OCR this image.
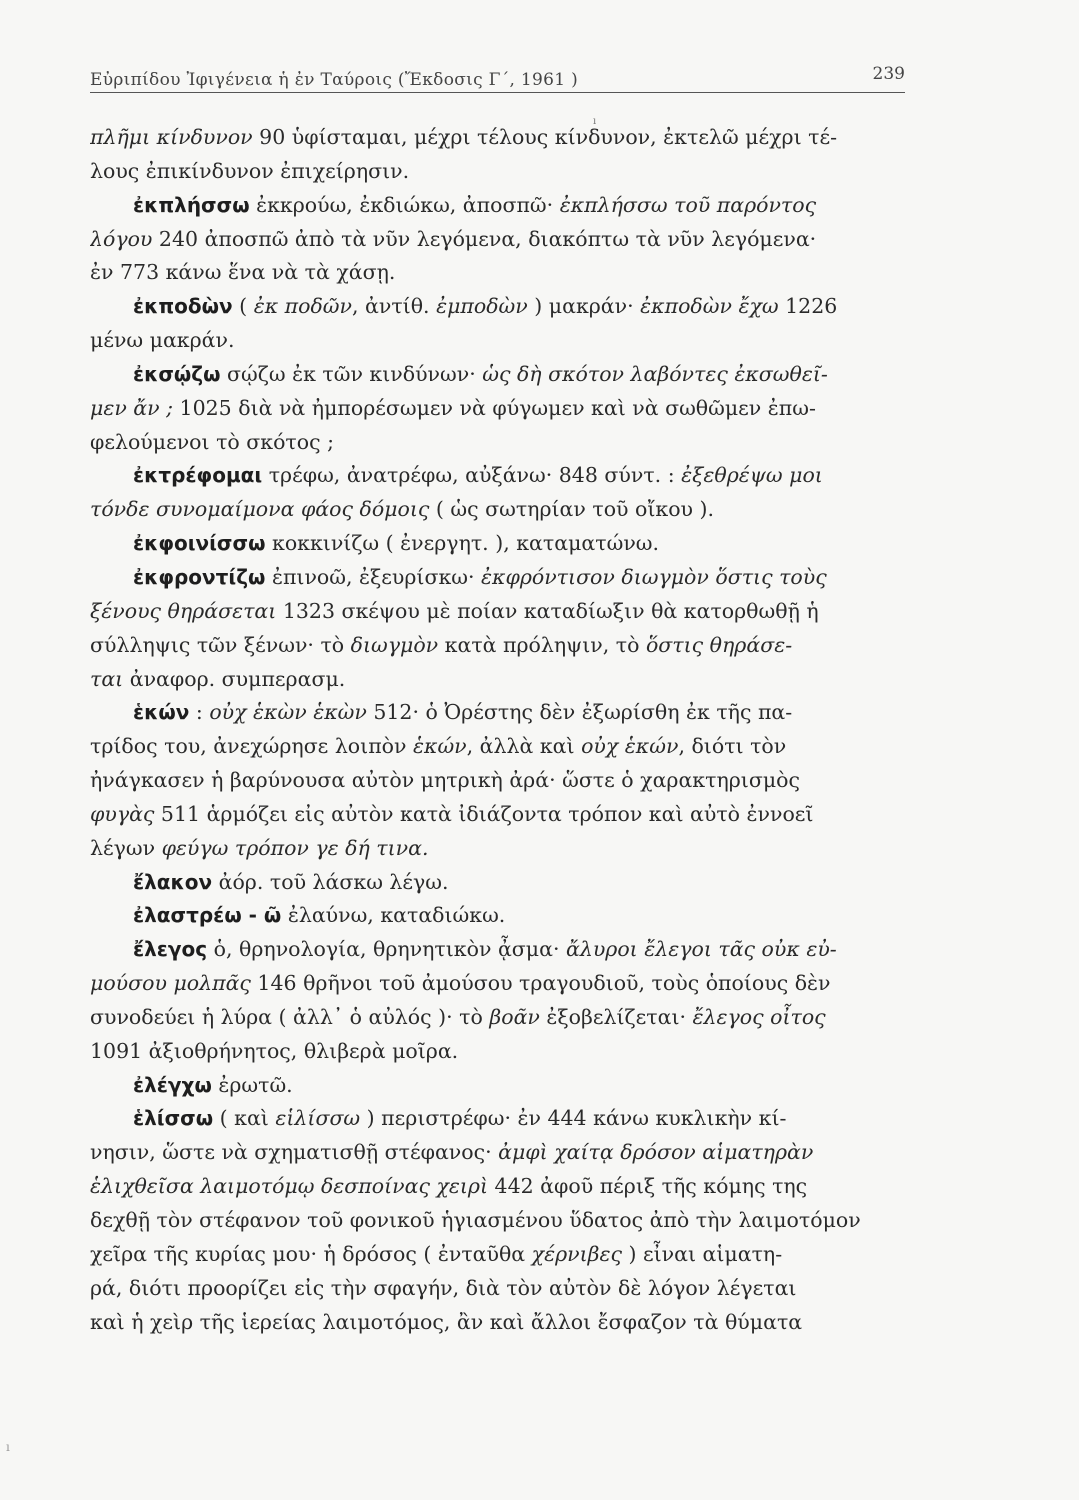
Εὐριπίδου Ἰφιγένεια ἡ ἐν Ταύροις (Ἔκδοσις Γ´, 1961 )	239
ı
ı
πλῆμι κίνδυνον 90 ὑφίσταμαι, μέχρι τέλους κίνδυνον, ἐκτελῶ μέχρι τέ-
λους ἐπικίνδυνον ἐπιχείρησιν.
ἐκπλήσσω ἐκκρούω, ἐκδιώκω, ἀποσπῶ· ἐκπλήσσω τοῦ παρόντος
λόγου 240 ἀποσπῶ ἀπὸ τὰ νῦν λεγόμενα, διακόπτω τὰ νῦν λεγόμενα·
ἐν 773 κάνω ἕνα νὰ τὰ χάσῃ.
ἐκποδὼν ( ἐκ ποδῶν, ἀντίθ. ἐμποδὼν ) μακράν· ἐκποδὼν ἔχω 1226
μένω μακράν.
ἐκσῴζω σῴζω ἐκ τῶν κινδύνων· ὡς δὴ σκότον λαβόντες ἐκσωθεῖ-
μεν ἄν ; 1025 διὰ νὰ ἠμπορέσωμεν νὰ φύγωμεν καὶ νὰ σωθῶμεν ἐπω-
φελούμενοι τὸ σκότος ;
ἐκτρέφομαι τρέφω, ἀνατρέφω, αὐξάνω· 848 σύντ. : ἐξεθρέψω μοι
τόνδε συνομαίμονα φάος δόμοις ( ὡς σωτηρίαν τοῦ οἴκου ).
ἐκφοινίσσω κοκκινίζω ( ἐνεργητ. ), καταματώνω.
ἐκφροντίζω ἐπινοῶ, ἐξευρίσκω· ἐκφρόντισον διωγμὸν ὅστις τοὺς
ξένους θηράσεται 1323 σκέψου μὲ ποίαν καταδίωξιν θὰ κατορθωθῇ ἡ
σύλληψις τῶν ξένων· τὸ διωγμὸν κατὰ πρόληψιν, τὸ ὅστις θηράσε-
ται ἀναφορ. συμπερασμ.
ἑκών : οὐχ ἑκὼν ἑκὼν 512· ὁ Ὀρέστης δὲν ἐξωρίσθη ἐκ τῆς πα-
τρίδος του, ἀνεχώρησε λοιπὸν ἑκών, ἀλλὰ καὶ οὐχ ἑκών, διότι τὸν
ἠνάγκασεν ἡ βαρύνουσα αὐτὸν μητρικὴ ἀρά· ὥστε ὁ χαρακτηρισμὸς
φυγὰς 511 ἁρμόζει εἰς αὐτὸν κατὰ ἰδιάζοντα τρόπον καὶ αὐτὸ ἐννοεῖ
λέγων φεύγω τρόπον γε δή τινα.
ἔλακον ἀόρ. τοῦ λάσκω λέγω.
ἐλαστρέω - ῶ ἐλαύνω, καταδιώκω.
ἔλεγος ὁ, θρηνολογία, θρηνητικὸν ᾆσμα· ἄλυροι ἔλεγοι τᾶς οὐκ εὐ-
μούσου μολπᾶς 146 θρῆνοι τοῦ ἀμούσου τραγουδιοῦ, τοὺς ὁποίους δὲν
συνοδεύει ἡ λύρα ( ἀλλ᾽ ὁ αὐλός )· τὸ βοᾶν ἐξοβελίζεται· ἔλεγος οἶτος
1091 ἀξιοθρήνητος, θλιβερὰ μοῖρα.
ἐλέγχω ἐρωτῶ.
ἑλίσσω ( καὶ εἱλίσσω ) περιστρέφω· ἐν 444 κάνω κυκλικὴν κί-
νησιν, ὥστε νὰ σχηματισθῇ στέφανος· ἀμφὶ χαίτᾳ δρόσον αἱματηρὰν
ἑλιχθεῖσα λαιμοτόμῳ δεσποίνας χειρὶ 442 ἀφοῦ πέριξ τῆς κόμης της
δεχθῇ τὸν στέφανον τοῦ φονικοῦ ἡγιασμένου ὕδατος ἀπὸ τὴν λαιμοτόμον
χεῖρα τῆς κυρίας μου· ἡ δρόσος ( ἐνταῦθα χέρνιβες ) εἶναι αἱματη-
ρά, διότι προορίζει εἰς τὴν σφαγήν, διὰ τὸν αὐτὸν δὲ λόγον λέγεται
καὶ ἡ χεὶρ τῆς ἱερείας λαιμοτόμος, ἂν καὶ ἄλλοι ἔσφαζον τὰ θύματα
